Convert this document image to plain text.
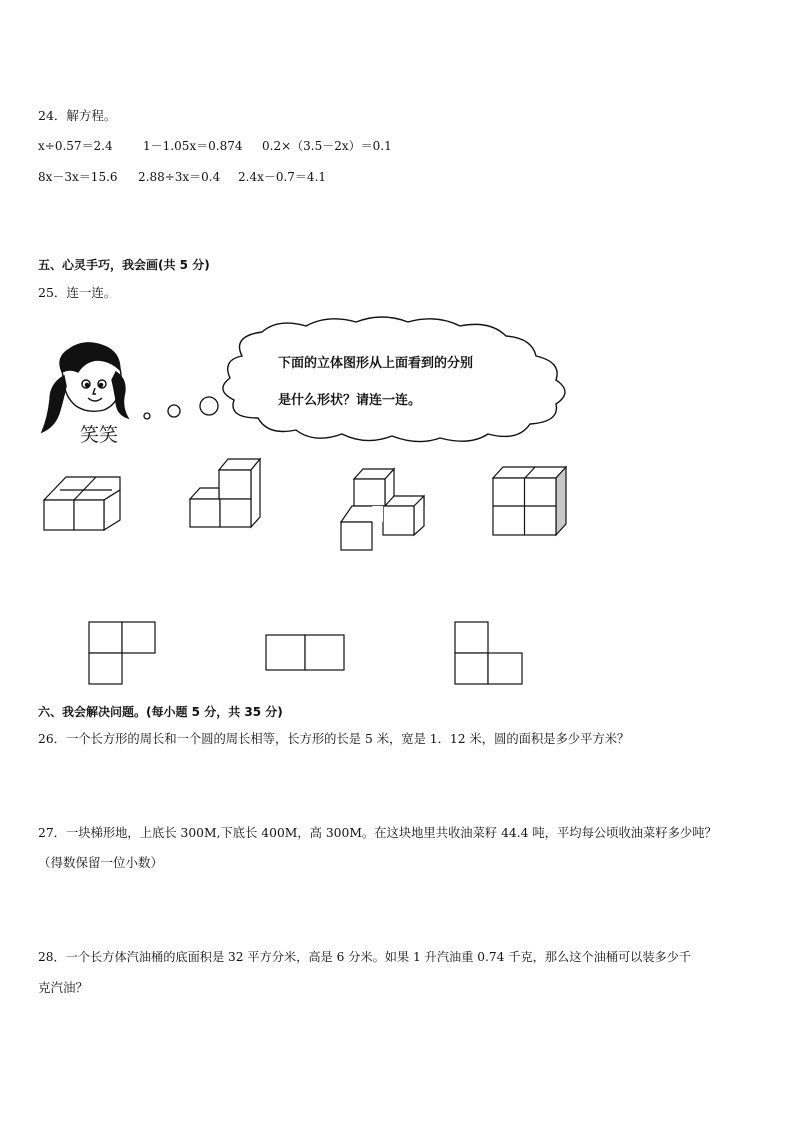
24．解方程。
x÷0.57＝2.4	1－1.05x＝0.874 0.2×（3.5－2x）＝0.1
8x－3x＝15.6 2.88÷3x＝0.4 2.4x－0.7＝4.1
五、心灵手巧，我会画(共 5 分)
25．连一连。
下面的立体图形从上面看到的分别
是什么形状？请连一连。
笑笑
六、我会解决问题。(每小题 5 分，共 35 分)
26．一个长方形的周长和一个圆的周长相等，长方形的长是 5 米，宽是 1．12 米，圆的面积是多少平方米？
27．一块梯形地，上底长 300M,下底长 400M，高 300M。在这块地里共收油菜籽 44.4 吨，平均每公顷收油菜籽多少吨？
（得数保留一位小数）
28．一个长方体汽油桶的底面积是 32 平方分米，高是 6 分米。如果 1 升汽油重 0.74 千克，那么这个油桶可以装多少千
克汽油？
